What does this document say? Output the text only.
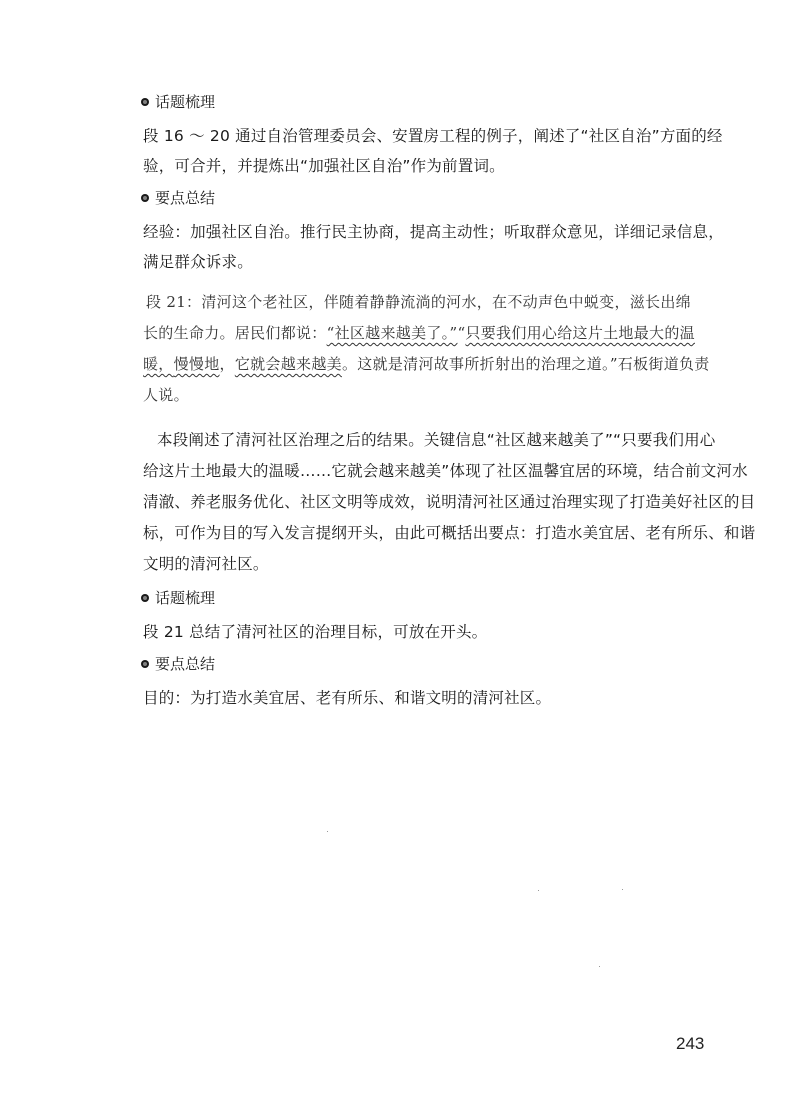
话题梳理
段 16 ～ 20 通过自治管理委员会、安置房工程的例子，阐述了“社区自治”方面的经
验，可合并，并提炼出“加强社区自治”作为前置词。
要点总结
经验：加强社区自治。推行民主协商，提高主动性；听取群众意见，详细记录信息，
满足群众诉求。
段 21：清河这个老社区，伴随着静静流淌的河水，在不动声色中蜕变，滋长出绵
长的生命力。居民们都说：“社区越来越美了。”“只要我们用心给这片土地最大的温
暖，慢慢地，它就会越来越美。这就是清河故事所折射出的治理之道。”石板街道负责
人说。
本段阐述了清河社区治理之后的结果。关键信息“社区越来越美了”“只要我们用心
给这片土地最大的温暖……它就会越来越美”体现了社区温馨宜居的环境，结合前文河水
清澈、养老服务优化、社区文明等成效，说明清河社区通过治理实现了打造美好社区的目
标，可作为目的写入发言提纲开头，由此可概括出要点：打造水美宜居、老有所乐、和谐
文明的清河社区。
话题梳理
段 21 总结了清河社区的治理目标，可放在开头。
要点总结
目的：为打造水美宜居、老有所乐、和谐文明的清河社区。
243
